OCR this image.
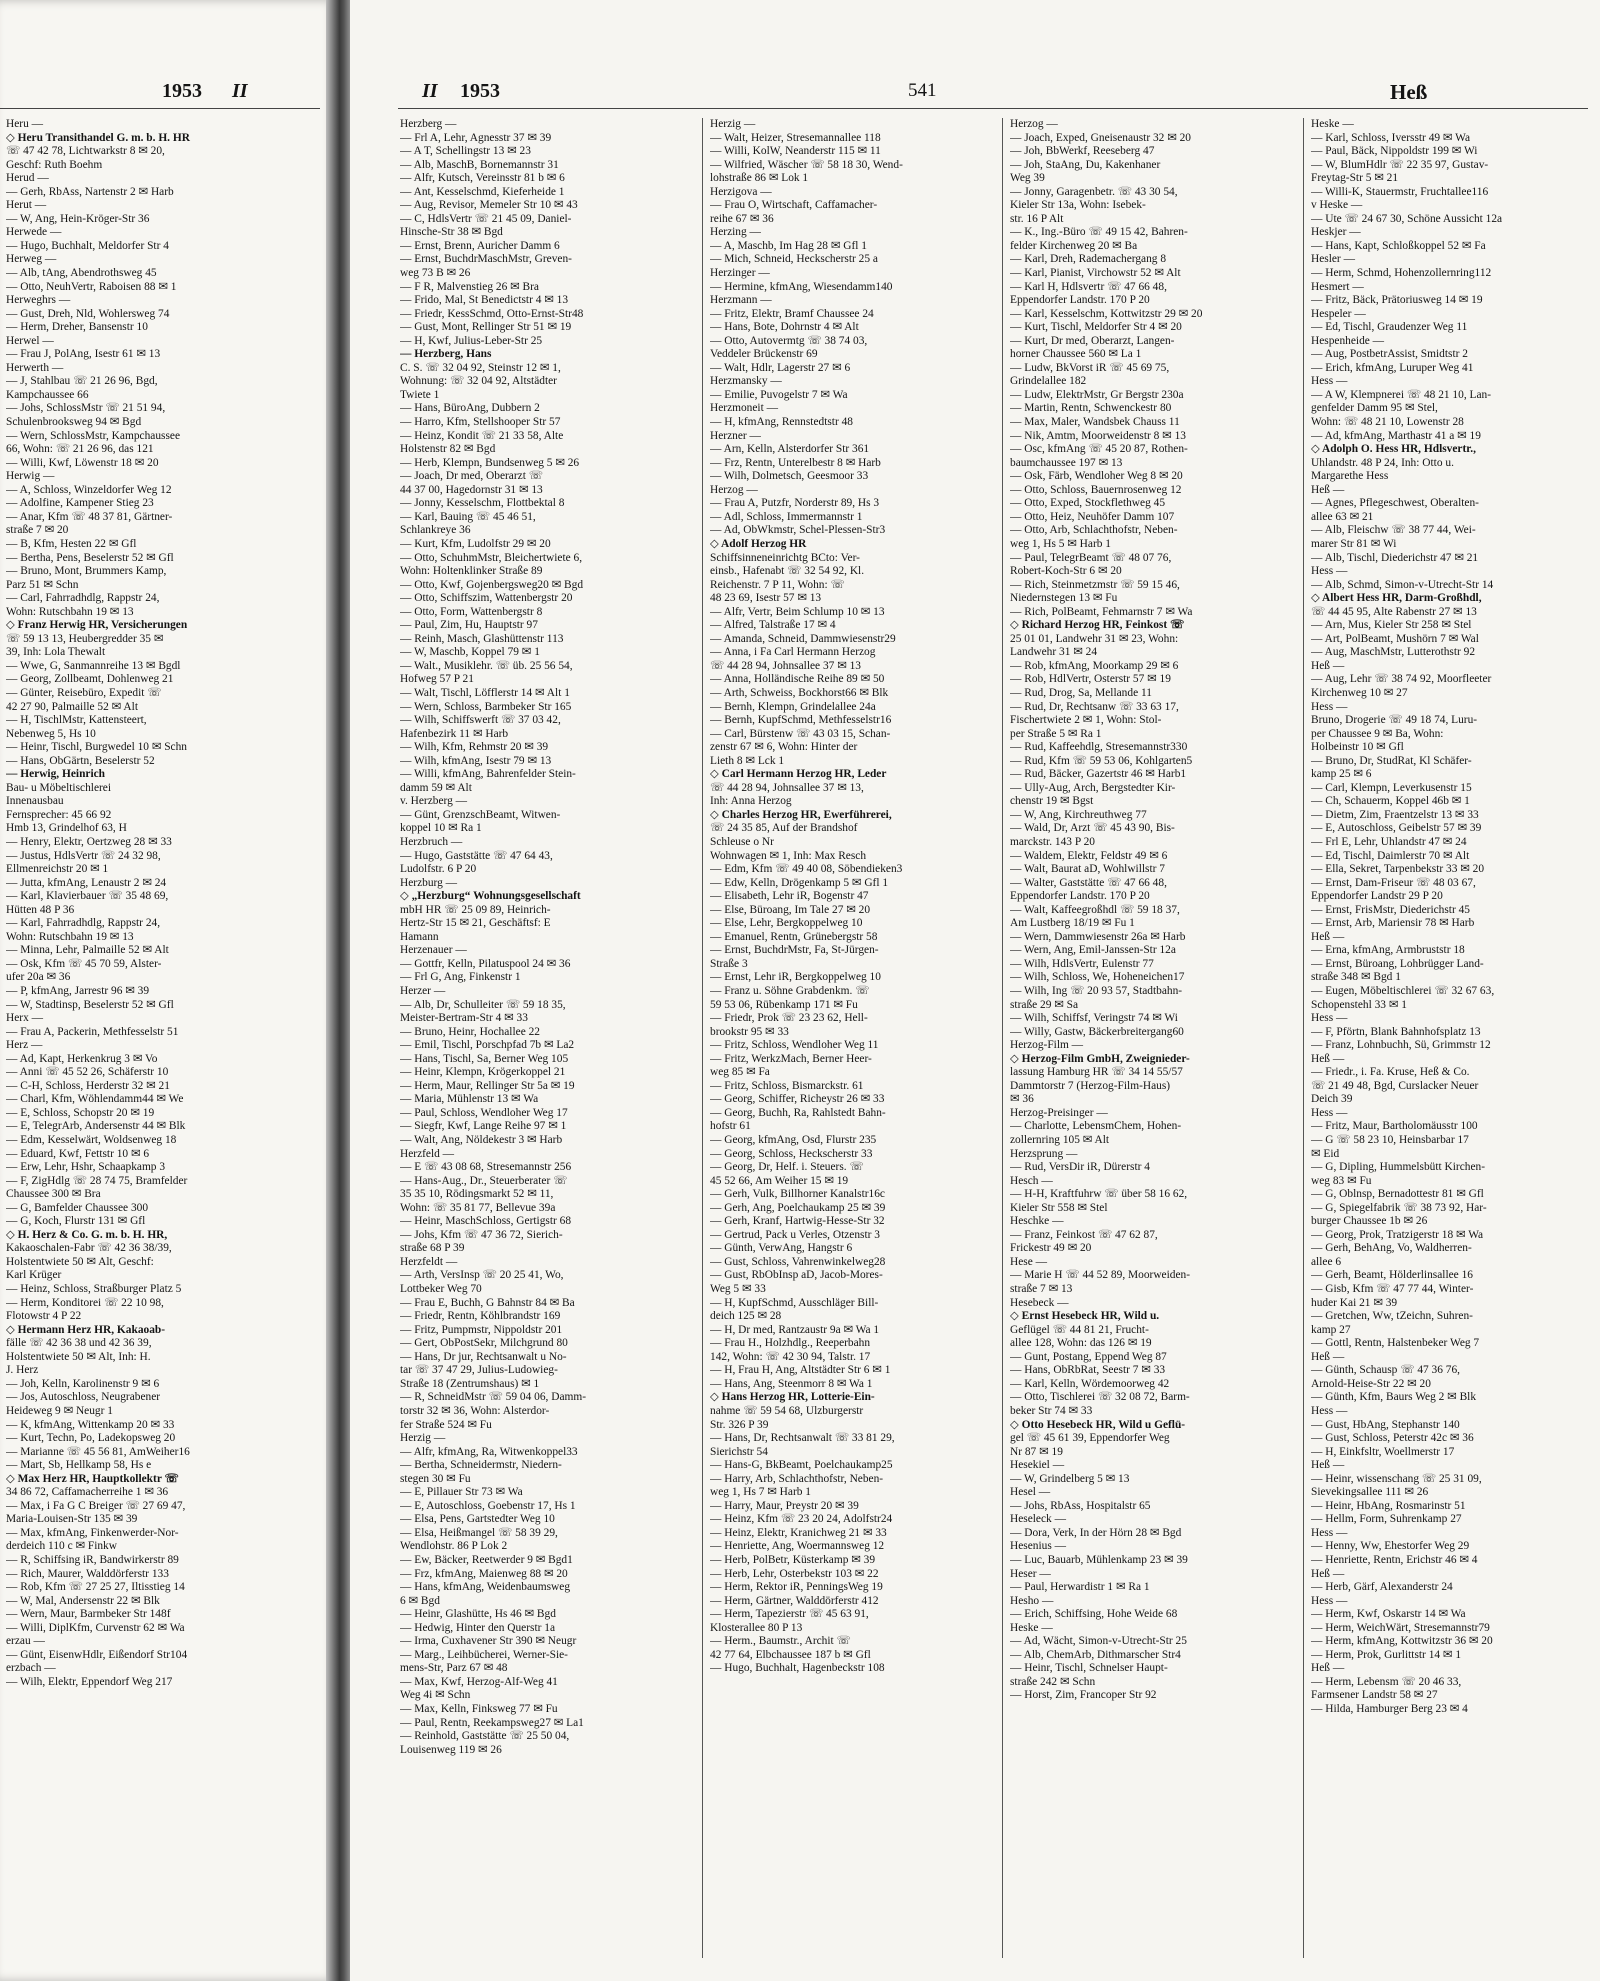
1953 II
Heru —
◇ Heru Transithandel G. m. b. H. HR
☏ 47 42 78, Lichtwarkstr 8 ✉ 20,
Geschf: Ruth Boehm
Herud —
— Gerh, RbAss, Nartenstr 2 ✉ Harb
Herut —
— W, Ang, Hein-Kröger-Str 36
Herwede —
— Hugo, Buchhalt, Meldorfer Str 4
Herweg —
— Alb, tAng, Abendrothsweg 45
— Otto, NeuhVertr, Raboisen 88 ✉ 1
Herweghrs —
— Gust, Dreh, Nld, Wohlersweg 74
— Herm, Dreher, Bansenstr 10
Herwel —
— Frau J, PolAng, Isestr 61 ✉ 13
Herwerth —
— J, Stahlbau ☏ 21 26 96, Bgd,
Kampchaussee 66
— Johs, SchlossMstr ☏ 21 51 94,
Schulenbrooksweg 94 ✉ Bgd
— Wern, SchlossMstr, Kampchaussee
66, Wohn: ☏ 21 26 96, das 121
— Willi, Kwf, Löwenstr 18 ✉ 20
Herwig —
— A, Schloss, Winzeldorfer Weg 12
— Adolfine, Kampener Stieg 23
— Anar, Kfm ☏ 48 37 81, Gärtner-
straße 7 ✉ 20
— B, Kfm, Hesten 22 ✉ Gfl
— Bertha, Pens, Beselerstr 52 ✉ Gfl
— Bruno, Mont, Brummers Kamp,
Parz 51 ✉ Schn
— Carl, Fahrradhdlg, Rappstr 24,
Wohn: Rutschbahn 19 ✉ 13
◇ Franz Herwig HR, Versicherungen
☏ 59 13 13, Heubergredder 35 ✉
39, Inh: Lola Thewalt
— Wwe, G, Sanmannreihe 13 ✉ Bgdl
— Georg, Zollbeamt, Dohlenweg 21
— Günter, Reisebüro, Expedit ☏
42 27 90, Palmaille 52 ✉ Alt
— H, TischlMstr, Kattensteert,
Nebenweg 5, Hs 10
— Heinr, Tischl, Burgwedel 10 ✉ Schn
— Hans, ObGärtn, Beselerstr 52
— Herwig, Heinrich
Bau- u Möbeltischlerei
Innenausbau
Fernsprecher: 45 66 92
Hmb 13, Grindelhof 63, H
— Henry, Elektr, Oertzweg 28 ✉ 33
— Justus, HdlsVertr ☏ 24 32 98,
Ellmenreichstr 20 ✉ 1
— Jutta, kfmAng, Lenaustr 2 ✉ 24
— Karl, Klavierbauer ☏ 35 48 69,
Hütten 48 P 36
— Karl, Fahrradhdlg, Rappstr 24,
Wohn: Rutschbahn 19 ✉ 13
— Minna, Lehr, Palmaille 52 ✉ Alt
— Osk, Kfm ☏ 45 70 59, Alster-
ufer 20a ✉ 36
— P, kfmAng, Jarrestr 96 ✉ 39
— W, Stadtinsp, Beselerstr 52 ✉ Gfl
Herx —
— Frau A, Packerin, Methfesselstr 51
Herz —
— Ad, Kapt, Herkenkrug 3 ✉ Vo
— Anni ☏ 45 52 26, Schäferstr 10
— C-H, Schloss, Herderstr 32 ✉ 21
— Charl, Kfm, Wöhlendamm44 ✉ We
— E, Schloss, Schopstr 20 ✉ 19
— E, TelegrArb, Andersenstr 44 ✉ Blk
— Edm, Kesselwärt, Woldsenweg 18
— Eduard, Kwf, Fettstr 10 ✉ 6
— Erw, Lehr, Hshr, Schaapkamp 3
— F, ZigHdlg ☏ 28 74 75, Bramfelder
Chaussee 300 ✉ Bra
— G, Bamfelder Chaussee 300
— G, Koch, Flurstr 131 ✉ Gfl
◇ H. Herz & Co. G. m. b. H. HR,
Kakaoschalen-Fabr ☏ 42 36 38/39,
Holstentwiete 50 ✉ Alt, Geschf:
Karl Krüger
— Heinz, Schloss, Straßburger Platz 5
— Herm, Konditorei ☏ 22 10 98,
Flotowstr 4 P 22
◇ Hermann Herz HR, Kakaoab-
fälle ☏ 42 36 38 und 42 36 39,
Holstentwiete 50 ✉ Alt, Inh: H.
J. Herz
— Joh, Kelln, Karolinenstr 9 ✉ 6
— Jos, Autoschloss, Neugrabener
Heideweg 9 ✉ Neugr 1
— K, kfmAng, Wittenkamp 20 ✉ 33
— Kurt, Techn, Po, Ladekopsweg 20
— Marianne ☏ 45 56 81, AmWeiher16
— Mart, Sb, Hellkamp 58, Hs e
◇ Max Herz HR, Hauptkollektr ☏
34 86 72, Caffamacherreihe 1 ✉ 36
— Max, i Fa G C Breiger ☏ 27 69 47,
Maria-Louisen-Str 135 ✉ 39
— Max, kfmAng, Finkenwerder-Nor-
derdeich 110 c ✉ Finkw
— R, Schiffsing iR, Bandwirkerstr 89
— Rich, Maurer, Walddörferstr 133
— Rob, Kfm ☏ 27 25 27, Iltisstieg 14
— W, Mal, Andersenstr 22 ✉ Blk
— Wern, Maur, Barmbeker Str 148f
— Willi, DiplKfm, Curvenstr 62 ✉ Wa
erzau —
— Günt, EisenwHdlr, Eißendorf Str104
erzbach —
— Wilh, Elektr, Eppendorf Weg 217
II 1953	541	Heß
Herzberg —
— Frl A, Lehr, Agnesstr 37 ✉ 39
— A T, Schellingstr 13 ✉ 23
— Alb, MaschB, Bornemannstr 31
— Alfr, Kutsch, Vereinsstr 81 b ✉ 6
— Ant, Kesselschmd, Kieferheide 1
— Aug, Revisor, Memeler Str 10 ✉ 43
— C, HdlsVertr ☏ 21 45 09, Daniel-
Hinsche-Str 38 ✉ Bgd
— Ernst, Brenn, Auricher Damm 6
— Ernst, BuchdrMaschMstr, Greven-
weg 73 B ✉ 26
— F R, Malvenstieg 26 ✉ Bra
— Frido, Mal, St Benedictstr 4 ✉ 13
— Friedr, KessSchmd, Otto-Ernst-Str48
— Gust, Mont, Rellinger Str 51 ✉ 19
— H, Kwf, Julius-Leber-Str 25
— Herzberg, Hans
C. S. ☏ 32 04 92, Steinstr 12 ✉ 1,
Wohnung: ☏ 32 04 92, Altstädter
Twiete 1
— Hans, BüroAng, Dubbern 2
— Harro, Kfm, Stellshooper Str 57
— Heinz, Kondit ☏ 21 33 58, Alte
Holstenstr 82 ✉ Bgd
— Herb, Klempn, Bundsenweg 5 ✉ 26
— Joach, Dr med, Oberarzt ☏
44 37 00, Hagedornstr 31 ✉ 13
— Jonny, Kesselschm, Flottbektal 8
— Karl, Bauing ☏ 45 46 51,
Schlankreye 36
— Kurt, Kfm, Ludolfstr 29 ✉ 20
— Otto, SchuhmMstr, Bleichertwiete 6,
Wohn: Holtenklinker Straße 89
— Otto, Kwf, Gojenbergsweg20 ✉ Bgd
— Otto, Schiffszim, Wattenbergstr 20
— Otto, Form, Wattenbergstr 8
— Paul, Zim, Hu, Hauptstr 97
— Reinh, Masch, Glashüttenstr 113
— W, Maschb, Koppel 79 ✉ 1
— Walt., Musiklehr. ☏ üb. 25 56 54,
Hofweg 57 P 21
— Walt, Tischl, Löfflerstr 14 ✉ Alt 1
— Wern, Schloss, Barmbeker Str 165
— Wilh, Schiffswerft ☏ 37 03 42,
Hafenbezirk 11 ✉ Harb
— Wilh, Kfm, Rehmstr 20 ✉ 39
— Wilh, kfmAng, Isestr 79 ✉ 13
— Willi, kfmAng, Bahrenfelder Stein-
damm 59 ✉ Alt
v. Herzberg —
— Günt, GrenzschBeamt, Witwen-
koppel 10 ✉ Ra 1
Herzbruch —
— Hugo, Gaststätte ☏ 47 64 43,
Ludolfstr. 6 P 20
Herzburg —
◇ „Herzburg“ Wohnungsgesellschaft
mbH HR ☏ 25 09 89, Heinrich-
Hertz-Str 15 ✉ 21, Geschäftsf: E
Hamann
Herzenauer —
— Gottfr, Kelln, Pilatuspool 24 ✉ 36
— Frl G, Ang, Finkenstr 1
Herzer —
— Alb, Dr, Schulleiter ☏ 59 18 35,
Meister-Bertram-Str 4 ✉ 33
— Bruno, Heinr, Hochallee 22
— Emil, Tischl, Porschpfad 7b ✉ La2
— Hans, Tischl, Sa, Berner Weg 105
— Heinr, Klempn, Krögerkoppel 21
— Herm, Maur, Rellinger Str 5a ✉ 19
— Maria, Mühlenstr 13 ✉ Wa
— Paul, Schloss, Wendloher Weg 17
— Siegfr, Kwf, Lange Reihe 97 ✉ 1
— Walt, Ang, Nöldekestr 3 ✉ Harb
Herzfeld —
— E ☏ 43 08 68, Stresemannstr 256
— Hans-Aug., Dr., Steuerberater ☏
35 35 10, Rödingsmarkt 52 ✉ 11,
Wohn: ☏ 35 81 77, Bellevue 39a
— Heinr, MaschSchloss, Gertigstr 68
— Johs, Kfm ☏ 47 36 72, Sierich-
straße 68 P 39
Herzfeldt —
— Arth, VersInsp ☏ 20 25 41, Wo,
Lottbeker Weg 70
— Frau E, Buchh, G Bahnstr 84 ✉ Ba
— Friedr, Rentn, Köhlbrandstr 169
— Fritz, Pumpmstr, Nippoldstr 201
— Gert, ObPostSekr, Milchgrund 80
— Hans, Dr jur, Rechtsanwalt u No-
tar ☏ 37 47 29, Julius-Ludowieg-
Straße 18 (Zentrumshaus) ✉ 1
— R, SchneidMstr ☏ 59 04 06, Damm-
torstr 32 ✉ 36, Wohn: Alsterdor-
fer Straße 524 ✉ Fu
Herzig —
— Alfr, kfmAng, Ra, Witwenkoppel33
— Bertha, Schneidermstr, Niedern-
stegen 30 ✉ Fu
— E, Pillauer Str 73 ✉ Wa
— E, Autoschloss, Goebenstr 17, Hs 1
— Elsa, Pens, Gartstedter Weg 10
— Elsa, Heißmangel ☏ 58 39 29,
Wendlohstr. 86 P Lok 2
— Ew, Bäcker, Reetwerder 9 ✉ Bgd1
— Frz, kfmAng, Maienweg 88 ✉ 20
— Hans, kfmAng, Weidenbaumsweg
6 ✉ Bgd
— Heinr, Glashütte, Hs 46 ✉ Bgd
— Hedwig, Hinter den Querstr 1a
— Irma, Cuxhavener Str 390 ✉ Neugr
— Marg., Leihbücherei, Werner-Sie-
mens-Str, Parz 67 ✉ 48
— Max, Kwf, Herzog-Alf-Weg 41
Weg 4i ✉ Schn
— Max, Kelln, Finksweg 77 ✉ Fu
— Paul, Rentn, Reekampsweg27 ✉ La1
— Reinhold, Gaststätte ☏ 25 50 04,
Louisenweg 119 ✉ 26
Herzig —
— Walt, Heizer, Stresemannallee 118
— Willi, KolW, Neanderstr 115 ✉ 11
— Wilfried, Wäscher ☏ 58 18 30, Wend-
lohstraße 86 ✉ Lok 1
Herzigova —
— Frau O, Wirtschaft, Caffamacher-
reihe 67 ✉ 36
Herzing —
— A, Maschb, Im Hag 28 ✉ Gfl 1
— Mich, Schneid, Heckscherstr 25 a
Herzinger —
— Hermine, kfmAng, Wiesendamm140
Herzmann —
— Fritz, Elektr, Bramf Chaussee 24
— Hans, Bote, Dohrnstr 4 ✉ Alt
— Otto, Autovermtg ☏ 38 74 03,
Veddeler Brückenstr 69
— Walt, Hdlr, Lagerstr 27 ✉ 6
Herzmansky —
— Emilie, Puvogelstr 7 ✉ Wa
Herzmoneit —
— H, kfmAng, Rennstedtstr 48
Herzner —
— Arn, Kelln, Alsterdorfer Str 361
— Frz, Rentn, Unterelbestr 8 ✉ Harb
— Wilh, Dolmetsch, Geesmoor 33
Herzog —
— Frau A, Putzfr, Norderstr 89, Hs 3
— Adl, Schloss, Immermannstr 1
— Ad, ObWkmstr, Schel-Plessen-Str3
◇ Adolf Herzog HR
Schiffsinneneinrichtg BCto: Ver-
einsb., Hafenabt ☏ 32 54 92, Kl.
Reichenstr. 7 P 11, Wohn: ☏
48 23 69, Isestr 57 ✉ 13
— Alfr, Vertr, Beim Schlump 10 ✉ 13
— Alfred, Talstraße 17 ✉ 4
— Amanda, Schneid, Dammwiesenstr29
— Anna, i Fa Carl Hermann Herzog
☏ 44 28 94, Johnsallee 37 ✉ 13
— Anna, Holländische Reihe 89 ✉ 50
— Arth, Schweiss, Bockhorst66 ✉ Blk
— Bernh, Klempn, Grindelallee 24a
— Bernh, KupfSchmd, Methfesselstr16
— Carl, Bürstenw ☏ 43 03 15, Schan-
zenstr 67 ✉ 6, Wohn: Hinter der
Lieth 8 ✉ Lck 1
◇ Carl Hermann Herzog HR, Leder
☏ 44 28 94, Johnsallee 37 ✉ 13,
Inh: Anna Herzog
◇ Charles Herzog HR, Ewerführerei,
☏ 24 35 85, Auf der Brandshof
Schleuse o Nr
Wohnwagen ✉ 1, Inh: Max Resch
— Edm, Kfm ☏ 49 40 08, Söbendieken3
— Edw, Kelln, Drögenkamp 5 ✉ Gfl 1
— Elisabeth, Lehr iR, Bogenstr 47
— Else, Büroang, Im Tale 27 ✉ 20
— Else, Lehr, Bergkoppelweg 10
— Emanuel, Rentn, Grünebergstr 58
— Ernst, BuchdrMstr, Fa, St-Jürgen-
Straße 3
— Ernst, Lehr iR, Bergkoppelweg 10
— Franz u. Söhne Grabdenkm. ☏
59 53 06, Rübenkamp 171 ✉ Fu
— Friedr, Prok ☏ 23 23 62, Hell-
brookstr 95 ✉ 33
— Fritz, Schloss, Wendloher Weg 11
— Fritz, WerkzMach, Berner Heer-
weg 85 ✉ Fa
— Fritz, Schloss, Bismarckstr. 61
— Georg, Schiffer, Richeystr 26 ✉ 33
— Georg, Buchh, Ra, Rahlstedt Bahn-
hofstr 61
— Georg, kfmAng, Osd, Flurstr 235
— Georg, Schloss, Heckscherstr 33
— Georg, Dr, Helf. i. Steuers. ☏
45 52 66, Am Weiher 15 ✉ 19
— Gerh, Vulk, Billhorner Kanalstr16c
— Gerh, Ang, Poelchaukamp 25 ✉ 39
— Gerh, Kranf, Hartwig-Hesse-Str 32
— Gertrud, Pack u Verles, Otzenstr 3
— Günth, VerwAng, Hangstr 6
— Gust, Schloss, Vahrenwinkelweg28
— Gust, RbObInsp aD, Jacob-Mores-
Weg 5 ✉ 33
— H, KupfSchmd, Ausschläger Bill-
deich 125 ✉ 28
— H, Dr med, Rantzaustr 9a ✉ Wa 1
— Frau H., Holzhdlg., Reeperbahn
142, Wohn: ☏ 42 30 94, Talstr. 17
— H, Frau H, Ang, Altstädter Str 6 ✉ 1
— Hans, Ang, Steenmorr 8 ✉ Wa 1
◇ Hans Herzog HR, Lotterie-Ein-
nahme ☏ 59 54 68, Ulzburgerstr
Str. 326 P 39
— Hans, Dr, Rechtsanwalt ☏ 33 81 29,
Sierichstr 54
— Hans-G, BkBeamt, Poelchaukamp25
— Harry, Arb, Schlachthofstr, Neben-
weg 1, Hs 7 ✉ Harb 1
— Harry, Maur, Preystr 20 ✉ 39
— Heinz, Kfm ☏ 23 20 24, Adolfstr24
— Heinz, Elektr, Kranichweg 21 ✉ 33
— Henriette, Ang, Woermannsweg 12
— Herb, PolBetr, Küsterkamp ✉ 39
— Herb, Lehr, Osterbekstr 103 ✉ 22
— Herm, Rektor iR, PenningsWeg 19
— Herm, Gärtner, Walddörferstr 412
— Herm, Tapezierstr ☏ 45 63 91,
Klosterallee 80 P 13
— Herm., Baumstr., Archit ☏
42 77 64, Elbchaussee 187 b ✉ Gfl
— Hugo, Buchhalt, Hagenbeckstr 108
Herzog —
— Joach, Exped, Gneisenaustr 32 ✉ 20
— Joh, BbWerkf, Reeseberg 47
— Joh, StaAng, Du, Kakenhaner
Weg 39
— Jonny, Garagenbetr. ☏ 43 30 54,
Kieler Str 13a, Wohn: Isebek-
str. 16 P Alt
— K., Ing.-Büro ☏ 49 15 42, Bahren-
felder Kirchenweg 20 ✉ Ba
— Karl, Dreh, Rademachergang 8
— Karl, Pianist, Virchowstr 52 ✉ Alt
— Karl H, Hdlsvertr ☏ 47 66 48,
Eppendorfer Landstr. 170 P 20
— Karl, Kesselschm, Kottwitzstr 29 ✉ 20
— Kurt, Tischl, Meldorfer Str 4 ✉ 20
— Kurt, Dr med, Oberarzt, Langen-
horner Chaussee 560 ✉ La 1
— Ludw, BkVorst iR ☏ 45 69 75,
Grindelallee 182
— Ludw, ElektrMstr, Gr Bergstr 230a
— Martin, Rentn, Schwenckestr 80
— Max, Maler, Wandsbek Chauss 11
— Nik, Amtm, Moorweidenstr 8 ✉ 13
— Osc, kfmAng ☏ 45 20 87, Rothen-
baumchaussee 197 ✉ 13
— Osk, Färb, Wendloher Weg 8 ✉ 20
— Otto, Schloss, Bauernrosenweg 12
— Otto, Exped, Stockflethweg 45
— Otto, Heiz, Neuhöfer Damm 107
— Otto, Arb, Schlachthofstr, Neben-
weg 1, Hs 5 ✉ Harb 1
— Paul, TelegrBeamt ☏ 48 07 76,
Robert-Koch-Str 6 ✉ 20
— Rich, Steinmetzmstr ☏ 59 15 46,
Niedernstegen 13 ✉ Fu
— Rich, PolBeamt, Fehmarnstr 7 ✉ Wa
◇ Richard Herzog HR, Feinkost ☏
25 01 01, Landwehr 31 ✉ 23, Wohn:
Landwehr 31 ✉ 24
— Rob, kfmAng, Moorkamp 29 ✉ 6
— Rob, HdlVertr, Osterstr 57 ✉ 19
— Rud, Drog, Sa, Mellande 11
— Rud, Dr, Rechtsanw ☏ 33 63 17,
Fischertwiete 2 ✉ 1, Wohn: Stol-
per Straße 5 ✉ Ra 1
— Rud, Kaffeehdlg, Stresemannstr330
— Rud, Kfm ☏ 59 53 06, Kohlgarten5
— Rud, Bäcker, Gazertstr 46 ✉ Harb1
— Ully-Aug, Arch, Bergstedter Kir-
chenstr 19 ✉ Bgst
— W, Ang, Kirchreuthweg 77
— Wald, Dr, Arzt ☏ 45 43 90, Bis-
marckstr. 143 P 20
— Waldem, Elektr, Feldstr 49 ✉ 6
— Walt, Baurat aD, Wohlwillstr 7
— Walter, Gaststätte ☏ 47 66 48,
Eppendorfer Landstr. 170 P 20
— Walt, Kaffeegroßhdl ☏ 59 18 37,
Am Lustberg 18/19 ✉ Fu 1
— Wern, Dammwiesenstr 26a ✉ Harb
— Wern, Ang, Emil-Janssen-Str 12a
— Wilh, HdlsVertr, Eulenstr 77
— Wilh, Schloss, We, Hoheneichen17
— Wilh, Ing ☏ 20 93 57, Stadtbahn-
straße 29 ✉ Sa
— Wilh, Schiffsf, Veringstr 74 ✉ Wi
— Willy, Gastw, Bäckerbreitergang60
Herzog-Film —
◇ Herzog-Film GmbH, Zweignieder-
lassung Hamburg HR ☏ 34 14 55/57
Dammtorstr 7 (Herzog-Film-Haus)
✉ 36
Herzog-Preisinger —
— Charlotte, LebensmChem, Hohen-
zollernring 105 ✉ Alt
Herzsprung —
— Rud, VersDir iR, Dürerstr 4
Hesch —
— H-H, Kraftfuhrw ☏ über 58 16 62,
Kieler Str 558 ✉ Stel
Heschke —
— Franz, Feinkost ☏ 47 62 87,
Frickestr 49 ✉ 20
Hese —
— Marie H ☏ 44 52 89, Moorweiden-
straße 7 ✉ 13
Hesebeck —
◇ Ernst Hesebeck HR, Wild u.
Geflügel ☏ 44 81 21, Frucht-
allee 128, Wohn: das 126 ✉ 19
— Gunt, Postang, Eppend Weg 87
— Hans, ObRbRat, Seestr 7 ✉ 33
— Karl, Kelln, Wördemoorweg 42
— Otto, Tischlerei ☏ 32 08 72, Barm-
beker Str 74 ✉ 33
◇ Otto Hesebeck HR, Wild u Geflü-
gel ☏ 45 61 39, Eppendorfer Weg
Nr 87 ✉ 19
Hesekiel —
— W, Grindelberg 5 ✉ 13
Hesel —
— Johs, RbAss, Hospitalstr 65
Heseleck —
— Dora, Verk, In der Hörn 28 ✉ Bgd
Hesenius —
— Luc, Bauarb, Mühlenkamp 23 ✉ 39
Heser —
— Paul, Herwardistr 1 ✉ Ra 1
Hesho —
— Erich, Schiffsing, Hohe Weide 68
Heske —
— Ad, Wächt, Simon-v-Utrecht-Str 25
— Alb, ChemArb, Dithmarscher Str4
— Heinr, Tischl, Schnelser Haupt-
straße 242 ✉ Schn
— Horst, Zim, Francoper Str 92
Heske —
— Karl, Schloss, Iversstr 49 ✉ Wa
— Paul, Bäck, Nippoldstr 199 ✉ Wi
— W, BlumHdlr ☏ 22 35 97, Gustav-
Freytag-Str 5 ✉ 21
— Willi-K, Stauermstr, Fruchtallee116
v Heske —
— Ute ☏ 24 67 30, Schöne Aussicht 12a
Heskjer —
— Hans, Kapt, Schloßkoppel 52 ✉ Fa
Hesler —
— Herm, Schmd, Hohenzollernring112
Hesmert —
— Fritz, Bäck, Prätoriusweg 14 ✉ 19
Hespeler —
— Ed, Tischl, Graudenzer Weg 11
Hespenheide —
— Aug, PostbetrAssist, Smidtstr 2
— Erich, kfmAng, Luruper Weg 41
Hess —
— A W, Klempnerei ☏ 48 21 10, Lan-
genfelder Damm 95 ✉ Stel,
Wohn: ☏ 48 21 10, Lowenstr 28
— Ad, kfmAng, Marthastr 41 a ✉ 19
◇ Adolph O. Hess HR, Hdlsvertr.,
Uhlandstr. 48 P 24, Inh: Otto u.
Margarethe Hess
Heß —
— Agnes, Pflegeschwest, Oberalten-
allee 63 ✉ 21
— Alb, Fleischw ☏ 38 77 44, Wei-
marer Str 81 ✉ Wi
— Alb, Tischl, Diederichstr 47 ✉ 21
Hess —
— Alb, Schmd, Simon-v-Utrecht-Str 14
◇ Albert Hess HR, Darm-Großhdl,
☏ 44 45 95, Alte Rabenstr 27 ✉ 13
— Arn, Mus, Kieler Str 258 ✉ Stel
— Art, PolBeamt, Mushörn 7 ✉ Wal
— Aug, MaschMstr, Lutterothstr 92
Heß —
— Aug, Lehr ☏ 38 74 92, Moorfleeter
Kirchenweg 10 ✉ 27
Hess —
Bruno, Drogerie ☏ 49 18 74, Luru-
per Chaussee 9 ✉ Ba, Wohn:
Holbeinstr 10 ✉ Gfl
— Bruno, Dr, StudRat, Kl Schäfer-
kamp 25 ✉ 6
— Carl, Klempn, Leverkusenstr 15
— Ch, Schauerm, Koppel 46b ✉ 1
— Dietm, Zim, Fraentzelstr 13 ✉ 33
— E, Autoschloss, Geibelstr 57 ✉ 39
— Frl E, Lehr, Uhlandstr 47 ✉ 24
— Ed, Tischl, Daimlerstr 70 ✉ Alt
— Ella, Sekret, Tarpenbekstr 33 ✉ 20
— Ernst, Dam-Friseur ☏ 48 03 67,
Eppendorfer Landstr 29 P 20
— Ernst, FrisMstr, Diederichstr 45
— Ernst, Arb, Mariensir 78 ✉ Harb
Heß —
— Erna, kfmAng, Armbruststr 18
— Ernst, Büroang, Lohbrügger Land-
straße 348 ✉ Bgd 1
— Eugen, Möbeltischlerei ☏ 32 67 63,
Schopenstehl 33 ✉ 1
Hess —
— F, Pförtn, Blank Bahnhofsplatz 13
— Franz, Lohnbuchh, Sü, Grimmstr 12
Heß —
— Friedr., i. Fa. Kruse, Heß & Co.
☏ 21 49 48, Bgd, Curslacker Neuer
Deich 39
Hess —
— Fritz, Maur, Bartholomäusstr 100
— G ☏ 58 23 10, Heinsbarbar 17
✉ Eid
— G, Dipling, Hummelsbütt Kirchen-
weg 83 ✉ Fu
— G, Oblnsp, Bernadottestr 81 ✉ Gfl
— G, Spiegelfabrik ☏ 38 73 92, Har-
burger Chaussee 1b ✉ 26
— Georg, Prok, Tratzigerstr 18 ✉ Wa
— Gerh, BehAng, Vo, Waldherren-
allee 6
— Gerh, Beamt, Hölderlinsallee 16
— Gisb, Kfm ☏ 47 77 44, Winter-
huder Kai 21 ✉ 39
— Gretchen, Ww, tZeichn, Suhren-
kamp 27
— Gottl, Rentn, Halstenbeker Weg 7
Heß —
— Günth, Schausp ☏ 47 36 76,
Arnold-Heise-Str 22 ✉ 20
— Günth, Kfm, Baurs Weg 2 ✉ Blk
Hess —
— Gust, HbAng, Stephanstr 140
— Gust, Schloss, Peterstr 42c ✉ 36
— H, Einkfsltr, Woellmerstr 17
Heß —
— Heinr, wissenschang ☏ 25 31 09,
Sievekingsallee 111 ✉ 26
— Heinr, HbAng, Rosmarinstr 51
— Hellm, Form, Suhrenkamp 27
Hess —
— Henny, Ww, Ehestorfer Weg 29
— Henriette, Rentn, Erichstr 46 ✉ 4
Heß —
— Herb, Gärf, Alexanderstr 24
Hess —
— Herm, Kwf, Oskarstr 14 ✉ Wa
— Herm, WeichWärt, Stresemannstr79
— Herm, kfmAng, Kottwitzstr 36 ✉ 20
— Herm, Prok, Gurlittstr 14 ✉ 1
Heß —
— Herm, Lebensm ☏ 20 46 33,
Farmsener Landstr 58 ✉ 27
— Hilda, Hamburger Berg 23 ✉ 4
